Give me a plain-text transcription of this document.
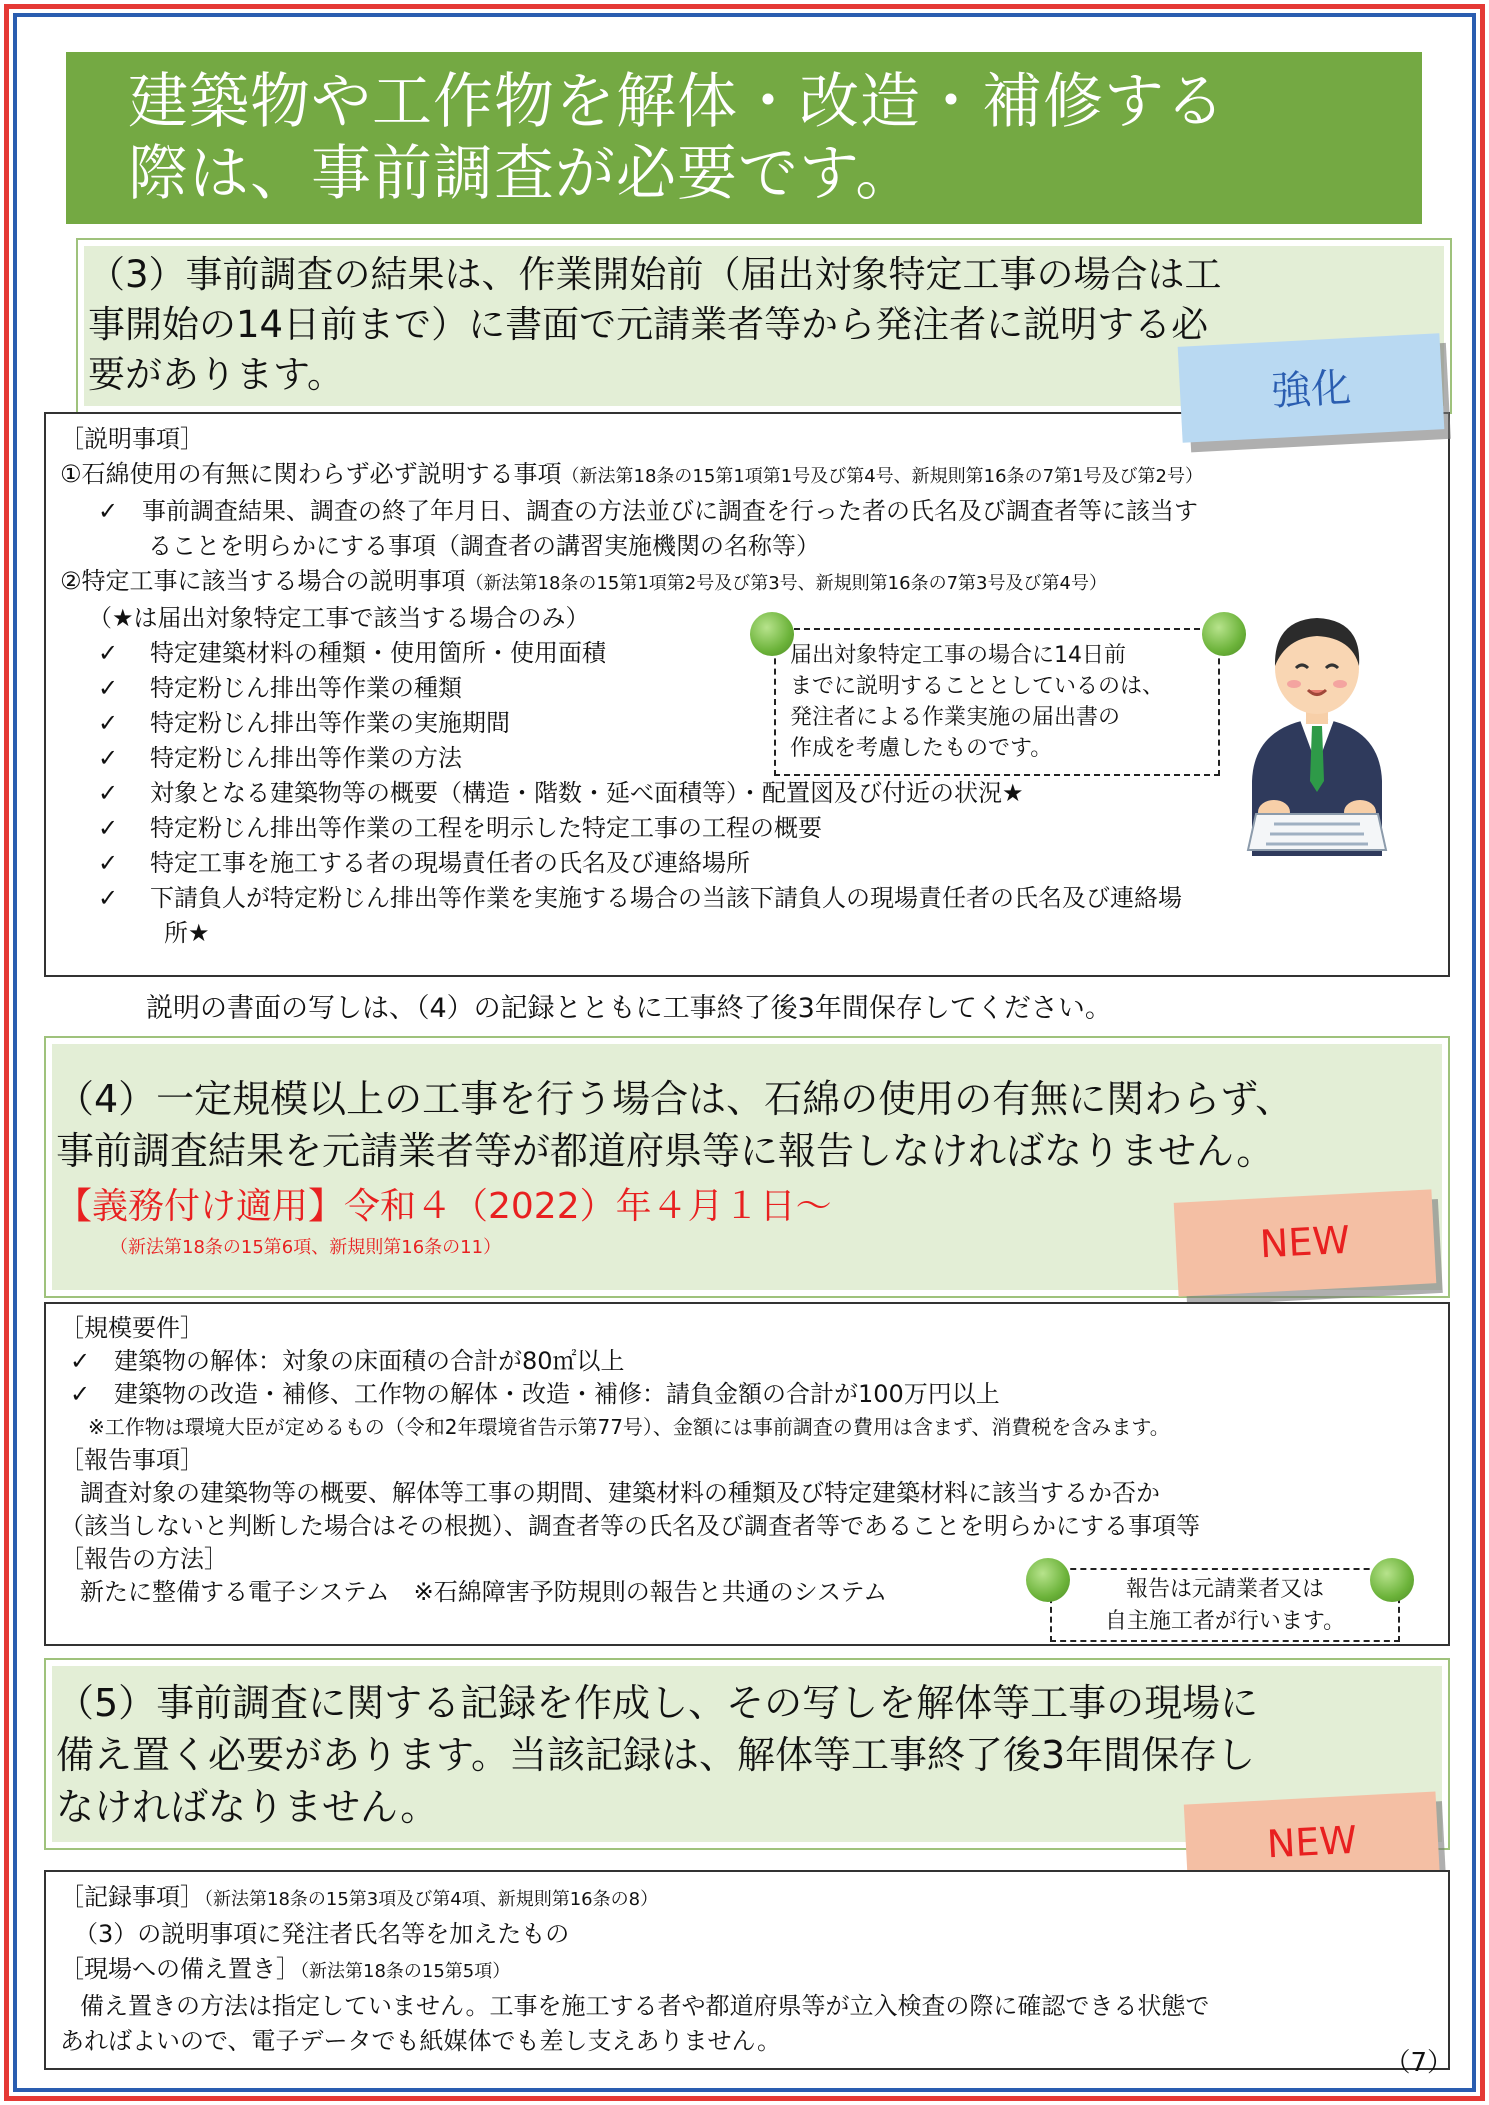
建築物や工作物を解体・改造・補修する
際は、事前調査が必要です。
（3）事前調査の結果は、作業開始前（届出対象特定工事の場合は工
事開始の14日前まで）に書面で元請業者等から発注者に説明する必
要があります。
［説明事項］
①石綿使用の有無に関わらず必ず説明する事項（新法第18条の15第1項第1号及び第4号、新規則第16条の7第1号及び第2号）
✓ 事前調査結果、調査の終了年月日、調査の方法並びに調査を行った者の氏名及び調査者等に該当す
ることを明らかにする事項（調査者の講習実施機関の名称等）
②特定工事に該当する場合の説明事項（新法第18条の15第1項第2号及び第3号、新規則第16条の7第3号及び第4号）
（★は届出対象特定工事で該当する場合のみ）
✓ 特定建築材料の種類・使用箇所・使用面積
✓ 特定粉じん排出等作業の種類
✓ 特定粉じん排出等作業の実施期間
✓ 特定粉じん排出等作業の方法
✓ 対象となる建築物等の概要（構造・階数・延べ面積等）・配置図及び付近の状況★
✓ 特定粉じん排出等作業の工程を明示した特定工事の工程の概要
✓ 特定工事を施工する者の現場責任者の氏名及び連絡場所
✓ 下請負人が特定粉じん排出等作業を実施する場合の当該下請負人の現場責任者の氏名及び連絡場
所★
届出対象特定工事の場合に14日前
までに説明することとしているのは、
発注者による作業実施の届出書の
作成を考慮したものです。
強化
説明の書面の写しは、（4）の記録とともに工事終了後3年間保存してください。
（4）一定規模以上の工事を行う場合は、石綿の使用の有無に関わらず、
事前調査結果を元請業者等が都道府県等に報告しなければなりません。
【義務付け適用】令和４（2022）年４月１日～
（新法第18条の15第6項、新規則第16条の11）	NEW
［規模要件］
✓ 建築物の解体：対象の床面積の合計が80㎡以上
✓ 建築物の改造・補修、工作物の解体・改造・補修：請負金額の合計が100万円以上
※工作物は環境大臣が定めるもの（令和2年環境省告示第77号）、金額には事前調査の費用は含まず、消費税を含みます。
［報告事項］
調査対象の建築物等の概要、解体等工事の期間、建築材料の種類及び特定建築材料に該当するか否か
（該当しないと判断した場合はその根拠）、調査者等の氏名及び調査者等であることを明らかにする事項等
［報告の方法］
新たに整備する電子システム　※石綿障害予防規則の報告と共通のシステム	報告は元請業者又は
自主施工者が行います。
（5）事前調査に関する記録を作成し、その写しを解体等工事の現場に
備え置く必要があります。当該記録は、解体等工事終了後3年間保存し
なければなりません。
NEW
［記録事項］（新法第18条の15第3項及び第4項、新規則第16条の8）
（3）の説明事項に発注者氏名等を加えたもの
［現場への備え置き］（新法第18条の15第5項）
備え置きの方法は指定していません。工事を施工する者や都道府県等が立入検査の際に確認できる状態で
あればよいので、電子データでも紙媒体でも差し支えありません。
（7）
